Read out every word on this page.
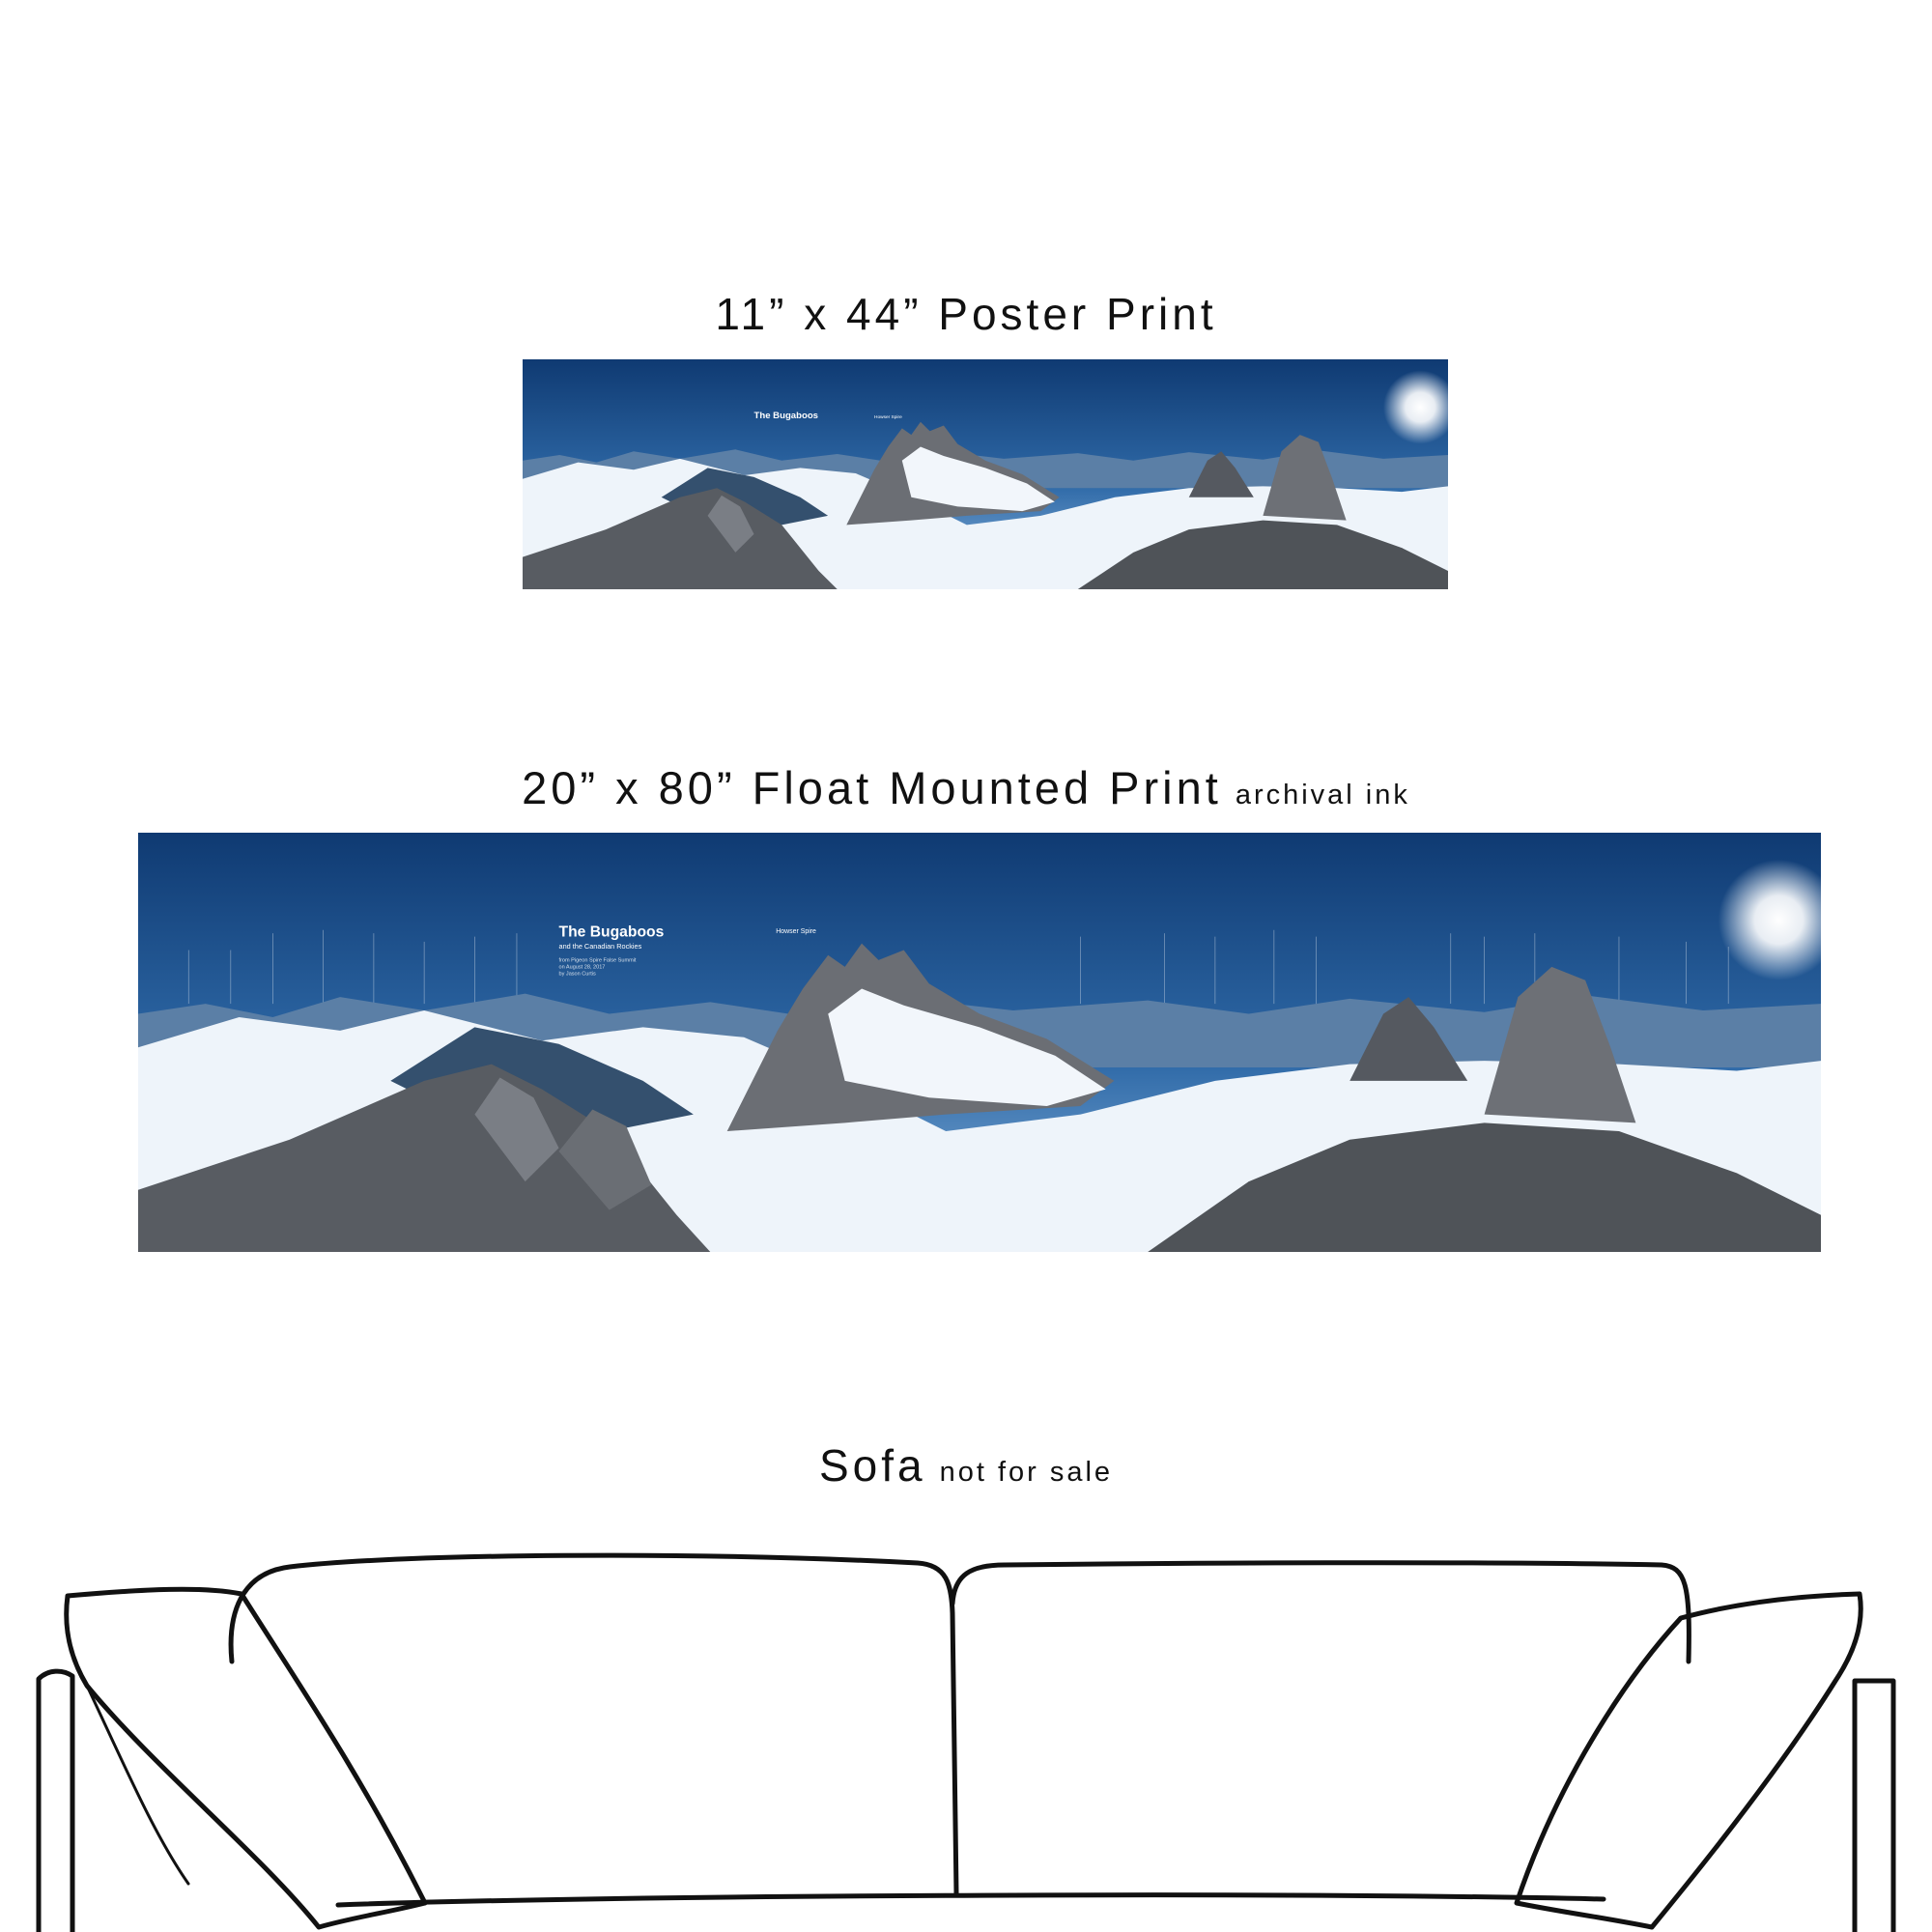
11” x 44” Poster Print
The Bugaboos	Howser Spire
20” x 80” Float Mounted Print archival ink
The Bugaboos
and the Canadian Rockies
from Pigeon Spire False Summit
on August 28, 2017
by Jason Curtis
Howser Spire
Sofa not for sale
